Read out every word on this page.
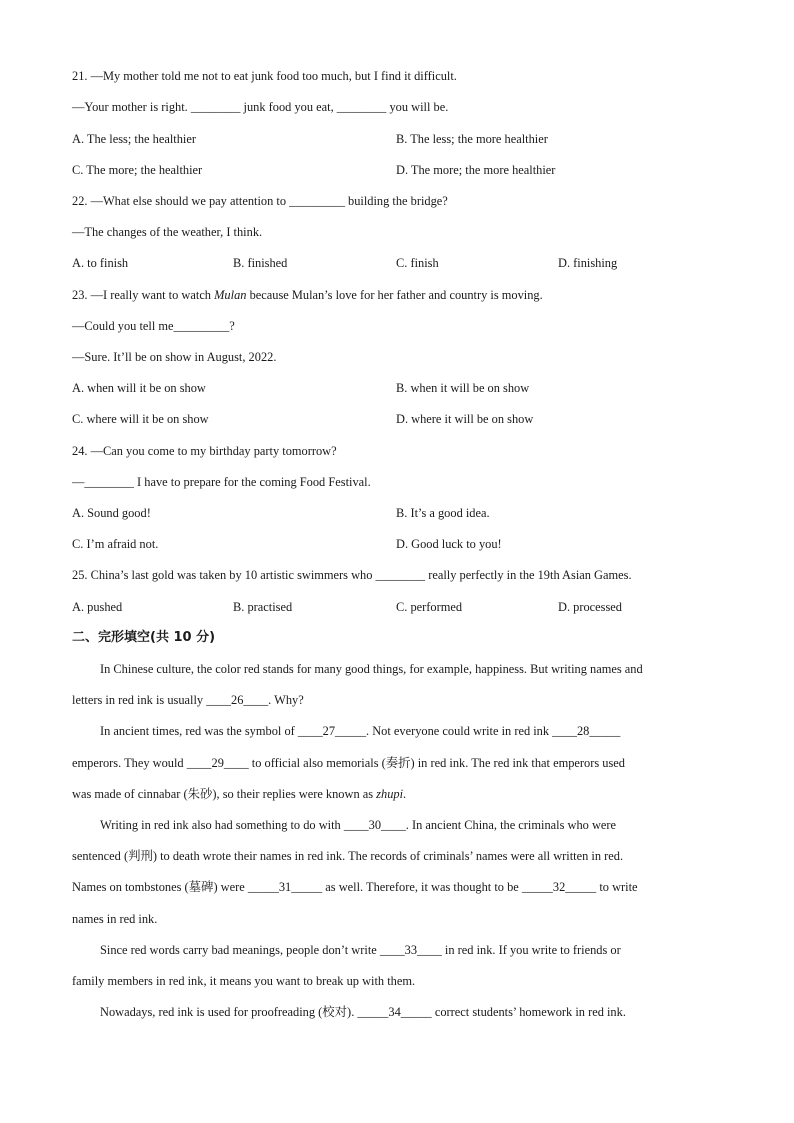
21. —My mother told me not to eat junk food too much, but I find it difficult.
—Your mother is right. ________ junk food you eat, ________ you will be.
A. The less; the healthier	B. The less; the more healthier
C. The more; the healthier	D. The more; the more healthier
22. —What else should we pay attention to _________ building the bridge?
—The changes of the weather, I think.
A. to finish	B. finished	C. finish	D. finishing
23. —I really want to watch Mulan because Mulan’s love for her father and country is moving.
—Could you tell me_________?
—Sure. It’ll be on show in August, 2022.
A. when will it be on show	B. when it will be on show
C. where will it be on show	D. where it will be on show
24. —Can you come to my birthday party tomorrow?
—________ I have to prepare for the coming Food Festival.
A. Sound good!	B. It’s a good idea.
C. I’m afraid not.	D. Good luck to you!
25. China’s last gold was taken by 10 artistic swimmers who ________ really perfectly in the 19th Asian Games.
A. pushed	B. practised	C. performed	D. processed
二、完形填空(共 10 分)
In Chinese culture, the color red stands for many good things, for example, happiness. But writing names and
letters in red ink is usually ____26____. Why?
In ancient times, red was the symbol of ____27_____. Not everyone could write in red ink ____28_____
emperors. They would ____29____ to official also memorials (奏折) in red ink. The red ink that emperors used
was made of cinnabar (朱砂), so their replies were known as zhupi.
Writing in red ink also had something to do with ____30____. In ancient China, the criminals who were
sentenced (判刑) to death wrote their names in red ink. The records of criminals’ names were all written in red.
Names on tombstones (墓碑) were _____31_____ as well. Therefore, it was thought to be _____32_____ to write
names in red ink.
Since red words carry bad meanings, people don’t write ____33____ in red ink. If you write to friends or
family members in red ink, it means you want to break up with them.
Nowadays, red ink is used for proofreading (校对). _____34_____ correct students’ homework in red ink.
